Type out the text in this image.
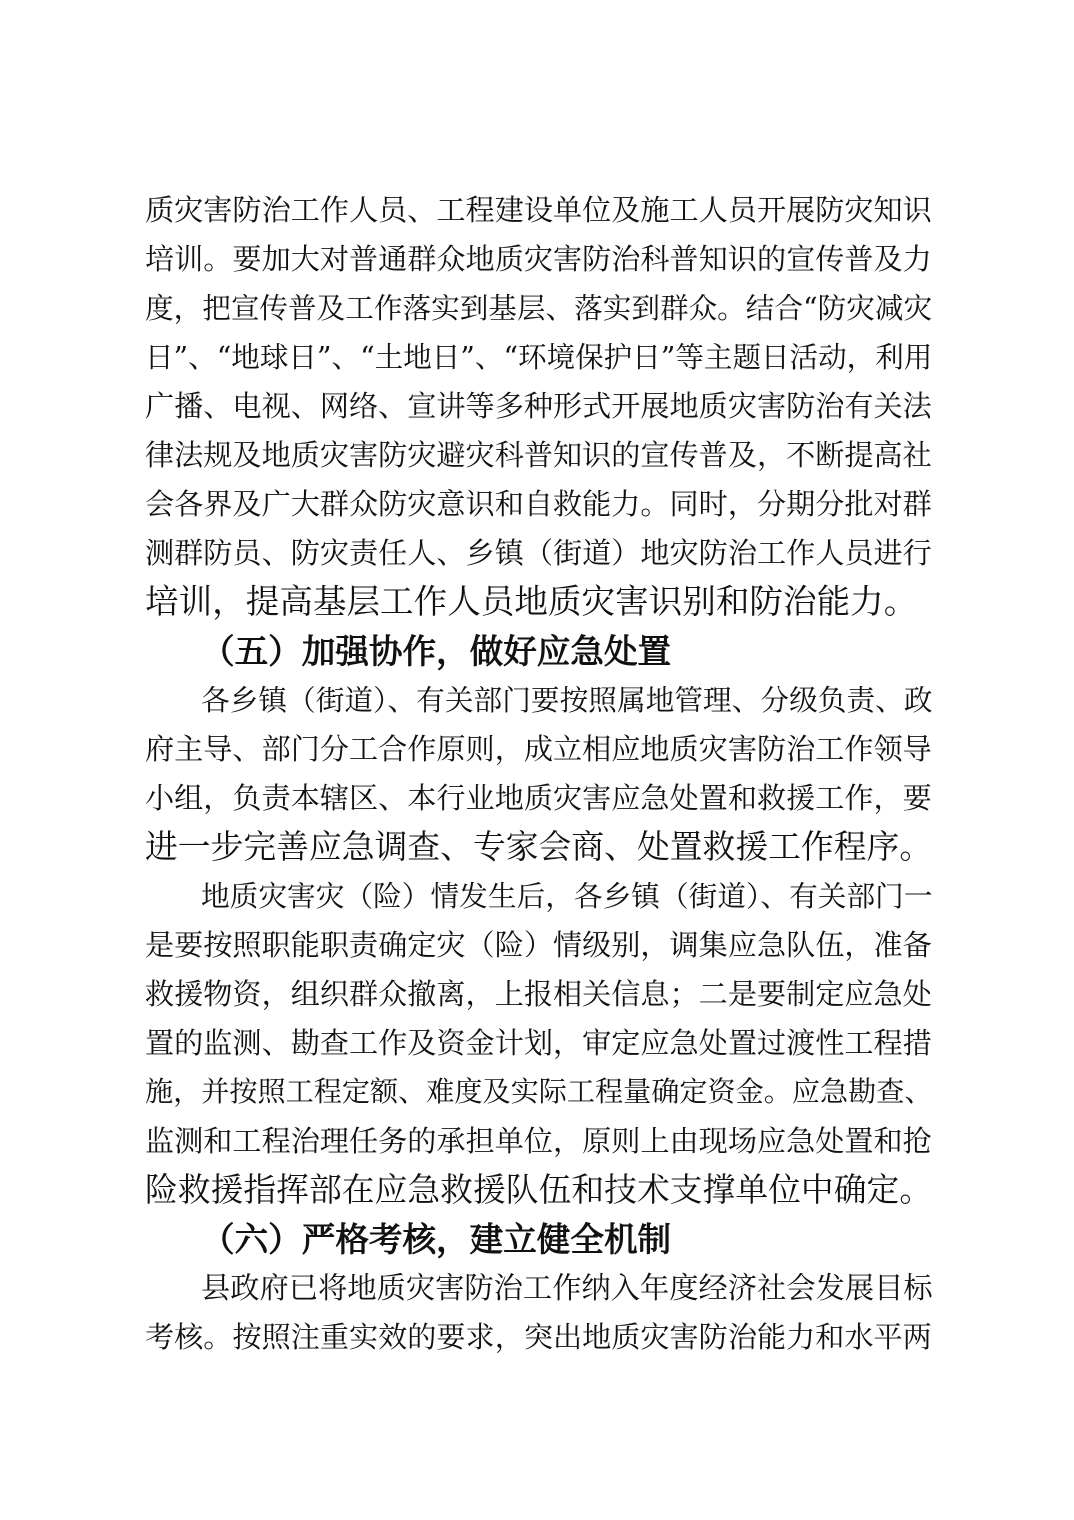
质灾害防治工作人员、工程建设单位及施工人员开展防灾知识
培训。要加大对普通群众地质灾害防治科普知识的宣传普及力
度，把宣传普及工作落实到基层、落实到群众。结合“防灾减灾
日”、“地球日”、“土地日”、“环境保护日”等主题日活动，利用
广播、电视、网络、宣讲等多种形式开展地质灾害防治有关法
律法规及地质灾害防灾避灾科普知识的宣传普及，不断提高社
会各界及广大群众防灾意识和自救能力。同时，分期分批对群
测群防员、防灾责任人、乡镇（街道）地灾防治工作人员进行
培训，提高基层工作人员地质灾害识别和防治能力。
（五）加强协作，做好应急处置
各乡镇（街道）、有关部门要按照属地管理、分级负责、政
府主导、部门分工合作原则，成立相应地质灾害防治工作领导
小组，负责本辖区、本行业地质灾害应急处置和救援工作，要
进一步完善应急调查、专家会商、处置救援工作程序。
地质灾害灾（险）情发生后，各乡镇（街道）、有关部门一
是要按照职能职责确定灾（险）情级别，调集应急队伍，准备
救援物资，组织群众撤离，上报相关信息；二是要制定应急处
置的监测、勘查工作及资金计划，审定应急处置过渡性工程措
施，并按照工程定额、难度及实际工程量确定资金。应急勘查、
监测和工程治理任务的承担单位，原则上由现场应急处置和抢
险救援指挥部在应急救援队伍和技术支撑单位中确定。
（六）严格考核，建立健全机制
县政府已将地质灾害防治工作纳入年度经济社会发展目标
考核。按照注重实效的要求，突出地质灾害防治能力和水平两
